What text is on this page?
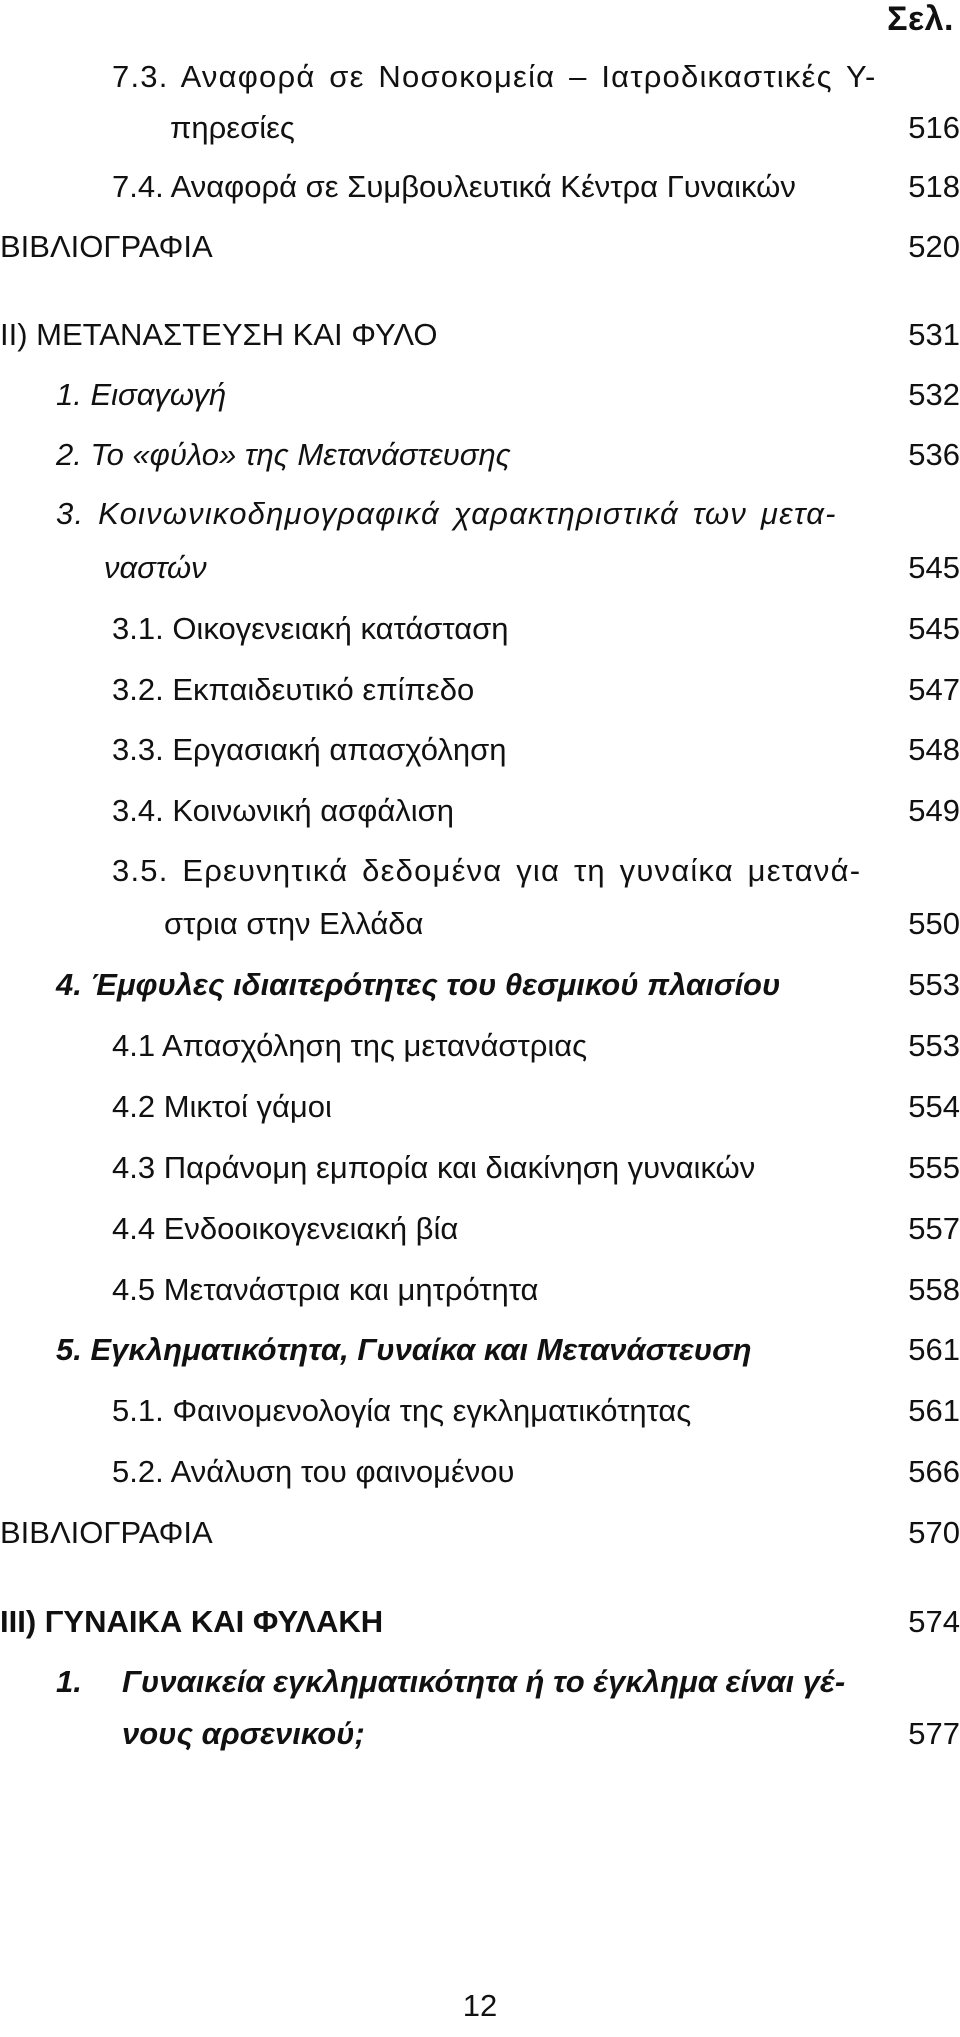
Σελ.
7.3. Αναφορά σε Νοσοκομεία – Ιατροδικαστικές Υ-
πηρεσίες	516
7.4. Αναφορά σε Συμβουλευτικά Κέντρα Γυναικών	518
ΒΙΒΛΙΟΓΡΑΦΙΑ	520
ΙΙ) ΜΕΤΑΝΑΣΤΕΥΣΗ ΚΑΙ ΦΥΛΟ	531
1. Εισαγωγή	532
2. Το «φύλο» της Μετανάστευσης	536
3. Κοινωνικοδημογραφικά χαρακτηριστικά των μετα-
ναστών	545
3.1. Οικογενειακή κατάσταση	545
3.2. Εκπαιδευτικό επίπεδο	547
3.3. Εργασιακή απασχόληση	548
3.4. Κοινωνική ασφάλιση	549
3.5. Ερευνητικά δεδομένα για τη γυναίκα μετανά-
στρια στην Ελλάδα	550
4. Έμφυλες ιδιαιτερότητες του θεσμικού πλαισίου	553
4.1 Απασχόληση της μετανάστριας	553
4.2 Μικτοί γάμοι	554
4.3 Παράνομη εμπορία και διακίνηση γυναικών	555
4.4 Ενδοοικογενειακή βία	557
4.5 Μετανάστρια και μητρότητα	558
5. Εγκληματικότητα, Γυναίκα και Μετανάστευση	561
5.1. Φαινομενολογία της εγκληματικότητας	561
5.2. Ανάλυση του φαινομένου	566
ΒΙΒΛΙΟΓΡΑΦΙΑ	570
ΙΙΙ) ΓΥΝΑΙΚΑ ΚΑΙ ΦΥΛΑΚΗ	574
1. Γυναικεία εγκληματικότητα ή το έγκλημα είναι γέ-
νους αρσενικού;	577
12
